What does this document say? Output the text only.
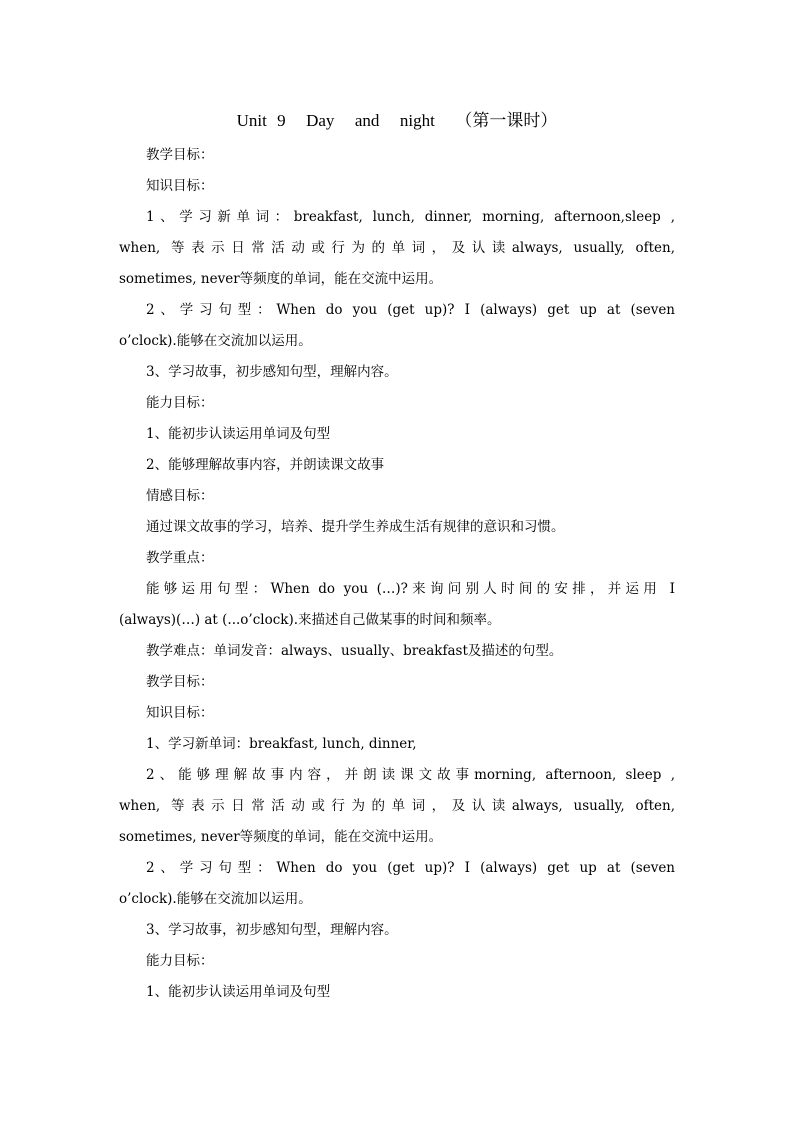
Unit 9  Day  and  night  （第一课时）
教学目标：
知识目标：
1、学习新单词：breakfast, lunch, dinner, morning, afternoon,sleep ,
when, 等表示日常活动或行为的单词，及认读always, usually, often,
sometimes, never等频度的单词，能在交流中运用。
2、学习句型：When do you (get up)? I (always) get up at (seven
o’clock).能够在交流加以运用。
3、学习故事，初步感知句型，理解内容。
能力目标：
1、能初步认读运用单词及句型
2、能够理解故事内容，并朗读课文故事
情感目标：
通过课文故事的学习，培养、提升学生养成生活有规律的意识和习惯。
教学重点：
能够运用句型：When do you (…)?来询问别人时间的安排，并运用 I
(always)(…) at (...o’clock).来描述自己做某事的时间和频率。
教学难点：单词发音：always、usually、breakfast及描述的句型。
教学目标：
知识目标：
1、学习新单词：breakfast, lunch, dinner,
2、能够理解故事内容，并朗读课文故事morning, afternoon, sleep ,
when, 等表示日常活动或行为的单词，及认读always, usually, often,
sometimes, never等频度的单词，能在交流中运用。
2、学习句型：When do you (get up)? I (always) get up at (seven
o’clock).能够在交流加以运用。
3、学习故事，初步感知句型，理解内容。
能力目标：
1、能初步认读运用单词及句型
